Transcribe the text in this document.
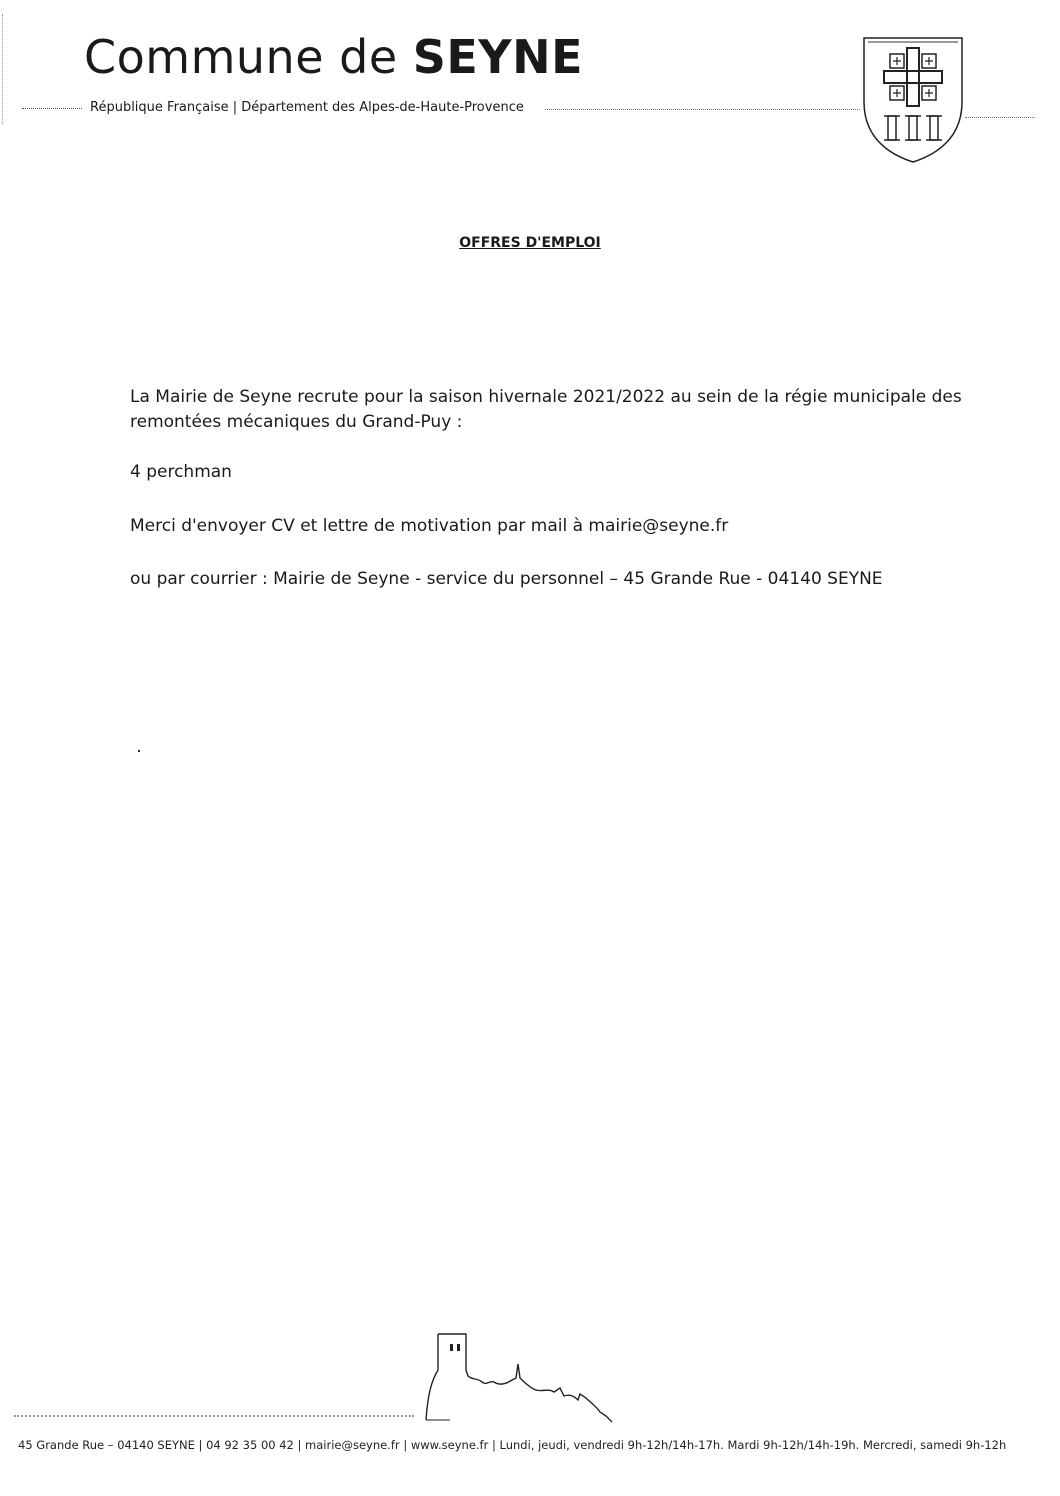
Commune de SEYNE
République Française | Département des Alpes-de-Haute-Provence
OFFRES D'EMPLOI
La Mairie de Seyne recrute pour la saison hivernale 2021/2022 au sein de la régie municipale des remontées mécaniques du Grand-Puy :
4 perchman
Merci d'envoyer CV et lettre de motivation par mail à mairie@seyne.fr
ou par courrier : Mairie de Seyne - service du personnel – 45 Grande Rue - 04140 SEYNE
45 Grande Rue – 04140 SEYNE | 04 92 35 00 42 | mairie@seyne.fr | www.seyne.fr | Lundi, jeudi, vendredi 9h-12h/14h-17h. Mardi 9h-12h/14h-19h. Mercredi, samedi 9h-12h
